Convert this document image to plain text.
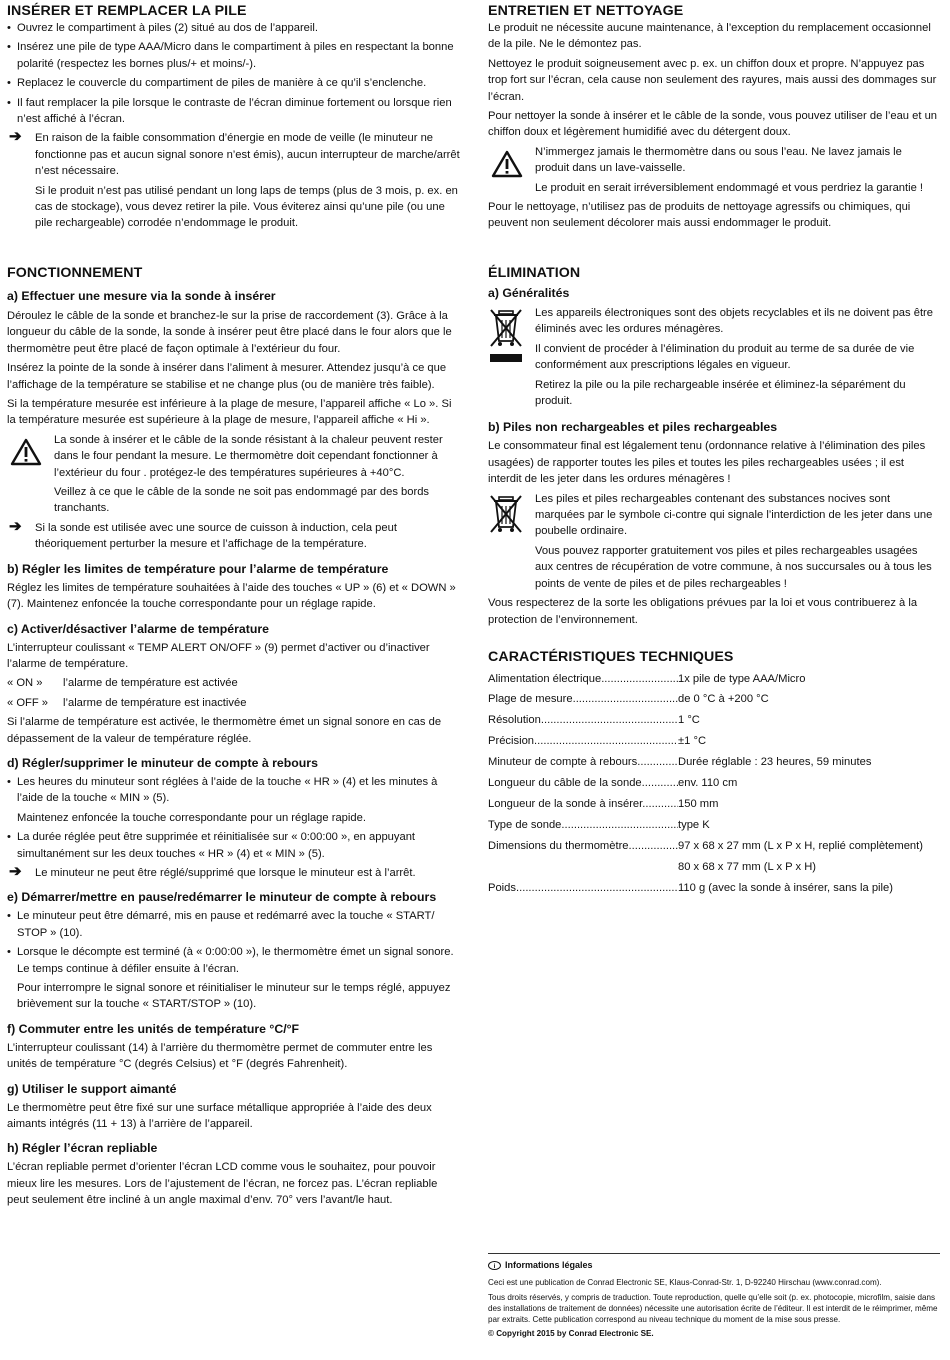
INSÉRER ET REMPLACER LA PILE

• Ouvrez le compartiment à piles (2) situé au dos de l’appareil.

• Insérez une pile de type AAA/Micro dans le compartiment à piles en respectant la bonne polarité (respectez les bornes plus/+ et moins/-).

• Replacez le couvercle du compartiment de piles de manière à ce qu’il s’enclenche.

• Il faut remplacer la pile lorsque le contraste de l’écran diminue fortement ou lorsque rien n’est affiché à l’écran.

➔ En raison de la faible consommation d’énergie en mode de veille (le minuteur ne fonctionne pas et aucun signal sonore n’est émis), aucun interrupteur de marche/arrêt n’est nécessaire.

Si le produit n’est pas utilisé pendant un long laps de temps (plus de 3 mois, p. ex. en cas de stockage), vous devez retirer la pile. Vous éviterez ainsi qu’une pile (ou une pile rechargeable) corrodée n’endommage le produit.

FONCTIONNEMENT
a) Effectuer une mesure via la sonde à insérer

Déroulez le câble de la sonde et branchez-le sur la prise de raccordement (3). Grâce à la longueur du câble de la sonde, la sonde à insérer peut être placé dans le four alors que le thermomètre peut être placé de façon optimale à l’extérieur du four.

Insérez la pointe de la sonde à insérer dans l’aliment à mesurer. Attendez jusqu’à ce que l’affichage de la température se stabilise et ne change plus (ou de manière très faible).

Si la température mesurée est inférieure à la plage de mesure, l’appareil affiche « Lo ». Si la température mesurée est supérieure à la plage de mesure, l’appareil affiche « Hi ».

La sonde à insérer et le câble de la sonde résistant à la chaleur peuvent rester dans le four pendant la mesure. Le thermomètre doit cependant fonctionner à l’extérieur du four . protégez-le des températures supérieures à +40°C.

Veillez à ce que le câble de la sonde ne soit pas endommagé par des bords tranchants.

➔ Si la sonde est utilisée avec une source de cuisson à induction, cela peut théoriquement perturber la mesure et l’affichage de la température.

b) Régler les limites de température pour l’alarme de température

Réglez les limites de température souhaitées à l’aide des touches « UP » (6) et « DOWN » (7). Maintenez enfoncée la touche correspondante pour un réglage rapide.

c) Activer/désactiver l’alarme de température

L’interrupteur coulissant « TEMP ALERT ON/OFF » (9) permet d’activer ou d’inactiver l’alarme de température.

« ON »	l’alarme de température est activée
« OFF »	l’alarme de température est inactivée

Si l’alarme de température est activée, le thermomètre émet un signal sonore en cas de dépassement de la valeur de température réglée.

d) Régler/supprimer le minuteur de compte à rebours

• Les heures du minuteur sont réglées à l’aide de la touche « HR » (4) et les minutes à l’aide de la touche « MIN » (5).

Maintenez enfoncée la touche correspondante pour un réglage rapide.

• La durée réglée peut être supprimée et réinitialisée sur « 0:00:00 », en appuyant simultanément sur les deux touches « HR » (4) et « MIN » (5).

➔ Le minuteur ne peut être réglé/supprimé que lorsque le minuteur est à l’arrêt.

e) Démarrer/mettre en pause/redémarrer le minuteur de compte à rebours

• Le minuteur peut être démarré, mis en pause et redémarré avec la touche « START/ STOP » (10).

• Lorsque le décompte est terminé (à « 0:00:00 »), le thermomètre émet un signal sonore. Le temps continue à défiler ensuite à l’écran.

Pour interrompre le signal sonore et réinitialiser le minuteur sur le temps réglé, appuyez brièvement sur la touche « START/STOP » (10).

f) Commuter entre les unités de température °C/°F

L’interrupteur coulissant (14) à l’arrière du thermomètre permet de commuter entre les unités de température °C (degrés Celsius) et °F (degrés Fahrenheit).

g) Utiliser le support aimanté

Le thermomètre peut être fixé sur une surface métallique appropriée à l’aide des deux aimants intégrés (11 + 13) à l’arrière de l’appareil.

h) Régler l’écran repliable

L’écran repliable permet d’orienter l’écran LCD comme vous le souhaitez, pour pouvoir mieux lire les mesures. Lors de l’ajustement de l’écran, ne forcez pas. L’écran repliable peut seulement être incliné à un angle maximal d’env. 70° vers l’avant/le haut.

ENTRETIEN ET NETTOYAGE

Le produit ne nécessite aucune maintenance, à l’exception du remplacement occasionnel de la pile. Ne le démontez pas.

Nettoyez le produit soigneusement avec p. ex. un chiffon doux et propre. N’appuyez pas trop fort sur l’écran, cela cause non seulement des rayures, mais aussi des dommages sur l’écran.

Pour nettoyer la sonde à insérer et le câble de la sonde, vous pouvez utiliser de l’eau et un chiffon doux et légèrement humidifié avec du détergent doux.

N’immergez jamais le thermomètre dans ou sous l’eau. Ne lavez jamais le produit dans un lave-vaisselle.

Le produit en serait irréversiblement endommagé et vous perdriez la garantie !

Pour le nettoyage, n’utilisez pas de produits de nettoyage agressifs ou chimiques, qui peuvent non seulement décolorer mais aussi endommager le produit.

ÉLIMINATION
a) Généralités

Les appareils électroniques sont des objets recyclables et ils ne doivent pas être éliminés avec les ordures ménagères.

Il convient de procéder à l’élimination du produit au terme de sa durée de vie conformément aux prescriptions légales en vigueur.

Retirez la pile ou la pile rechargeable insérée et éliminez-la séparément du produit.

b) Piles non rechargeables et piles rechargeables

Le consommateur final est légalement tenu (ordonnance relative à l’élimination des piles usagées) de rapporter toutes les piles et toutes les piles rechargeables usées ; il est interdit de les jeter dans les ordures ménagères !

Les piles et piles rechargeables contenant des substances nocives sont marquées par le symbole ci-contre qui signale l’interdiction de les jeter dans une poubelle ordinaire.

Vous pouvez rapporter gratuitement vos piles et piles rechargeables usagées aux centres de récupération de votre commune, à nos succursales ou à tous les points de vente de piles et de piles rechargeables !

Vous respecterez de la sorte les obligations prévues par la loi et vous contribuerez à la protection de l’environnement.

CARACTÉRISTIQUES TECHNIQUES
Alimentation électrique .....	1x pile de type AAA/Micro
Plage de mesure .....	de 0 °C à +200 °C
Résolution .....	1 °C
Précision .....	±1 °C
Minuteur de compte à rebours .....	Durée réglable : 23 heures, 59 minutes
Longueur du câble de la sonde .....	env. 110 cm
Longueur de la sonde à insérer .....	150 mm
Type de sonde .....	type K
Dimensions du thermomètre .....	97 x 68 x 27 mm (L x P x H, replié complètement)
80 x 68 x 77 mm (L x P x H)
Poids .....	110 g (avec la sonde à insérer, sans la pile)
i Informations légales

Ceci est une publication de Conrad Electronic SE, Klaus-Conrad-Str. 1, D-92240 Hirschau (www.conrad.com).

Tous droits réservés, y compris de traduction. Toute reproduction, quelle qu’elle soit (p. ex. photocopie, microfilm, saisie dans des installations de traitement de données) nécessite une autorisation écrite de l’éditeur. Il est interdit de le réimprimer, même par extraits. Cette publication correspond au niveau technique du moment de la mise sous presse.

© Copyright 2015 by Conrad Electronic SE.
